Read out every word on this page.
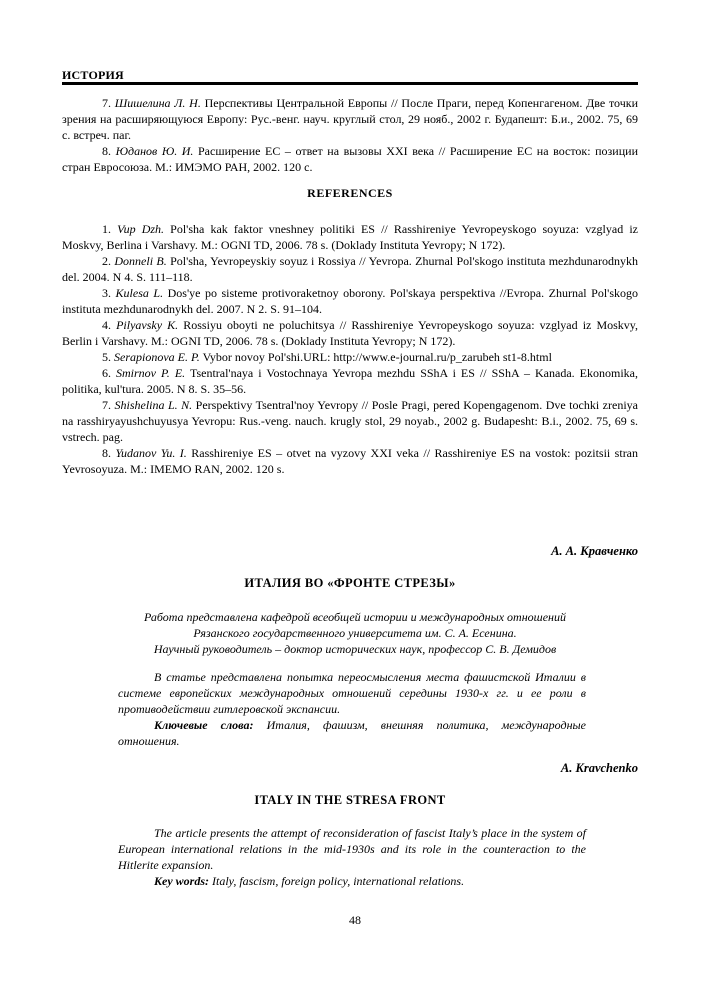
ИСТОРИЯ

7. Шишелина Л. Н. Перспективы Центральной Европы // После Праги, перед Копенгагеном. Две точки зрения на расширяющуюся Европу: Рус.-венг. науч. круглый стол, 29 нояб., 2002 г. Будапешт: Б.и., 2002. 75, 69 с. встреч. паг.

8. Юданов Ю. И. Расширение ЕС – ответ на вызовы XXI века // Расширение ЕС на восток: позиции стран Евросоюза. М.: ИМЭМО РАН, 2002. 120 с.

REFERENCES

1. Vup Dzh. Pol'sha kak faktor vneshney politiki ES // Rasshireniye Yevropeyskogo soyuza: vzglyad iz Moskvy, Berlina i Varshavy. M.: OGNI TD, 2006. 78 s. (Doklady Instituta Yevropy; N 172).

2. Donneli B. Pol'sha, Yevropeyskiy soyuz i Rossiya // Yevropa. Zhurnal Pol'skogo instituta mezhdunarodnykh del. 2004. N 4. S. 111–118.

3. Kulesa L. Dos'ye po sisteme protivoraketnoy oborony. Pol'skaya perspektiva //Evropa. Zhurnal Pol'skogo instituta mezhdunarodnykh del. 2007. N 2. S. 91–104.

4. Pilyavsky K. Rossiyu oboyti ne poluchitsya // Rasshireniye Yevropeyskogo soyuza: vzglyad iz Moskvy, Berlin i Varshavy. M.: OGNI TD, 2006. 78 s. (Doklady Instituta Yevropy; N 172).

5. Serapionova E. P. Vybor novoy Pol'shi.URL: http://www.e-journal.ru/p_zarubeh st1-8.html

6. Smirnov P. E. Tsentral'naya i Vostochnaya Yevropa mezhdu SShA i ES // SShA – Kanada. Ekonomika, politika, kul'tura. 2005. N 8. S. 35–56.

7. Shishelina L. N. Perspektivy Tsentral'noy Yevropy // Posle Pragi, pered Kopengagenom. Dve tochki zreniya na rasshiryayushchuyusya Yevropu: Rus.-veng. nauch. krugly stol, 29 noyab., 2002 g. Budapesht: B.i., 2002. 75, 69 s. vstrech. pag.

8. Yudanov Yu. I. Rasshireniye ES – otvet na vyzovy XXI veka // Rasshireniye ES na vostok: pozitsii stran Yevrosoyuza. M.: IMEMO RAN, 2002. 120 s.

А. А. Кравченко
ИТАЛИЯ ВО «ФРОНТЕ СТРЕЗЫ»
Работа представлена кафедрой всеобщей истории и международных отношений
Рязанского государственного университета им. С. А. Есенина.
Научный руководитель – доктор исторических наук, профессор С. В. Демидов

В статье представлена попытка переосмысления места фашистской Италии в системе европейских международных отношений середины 1930-х гг. и ее роли в противодействии гитлеровской экспансии.

Ключевые слова: Италия, фашизм, внешняя политика, международные отношения.

A. Kravchenko
ITALY IN THE STRESA FRONT

The article presents the attempt of reconsideration of fascist Italy’s place in the system of European international relations in the mid-1930s and its role in the counteraction to the Hitlerite expansion.

Key words: Italy, fascism, foreign policy, international relations.

48
